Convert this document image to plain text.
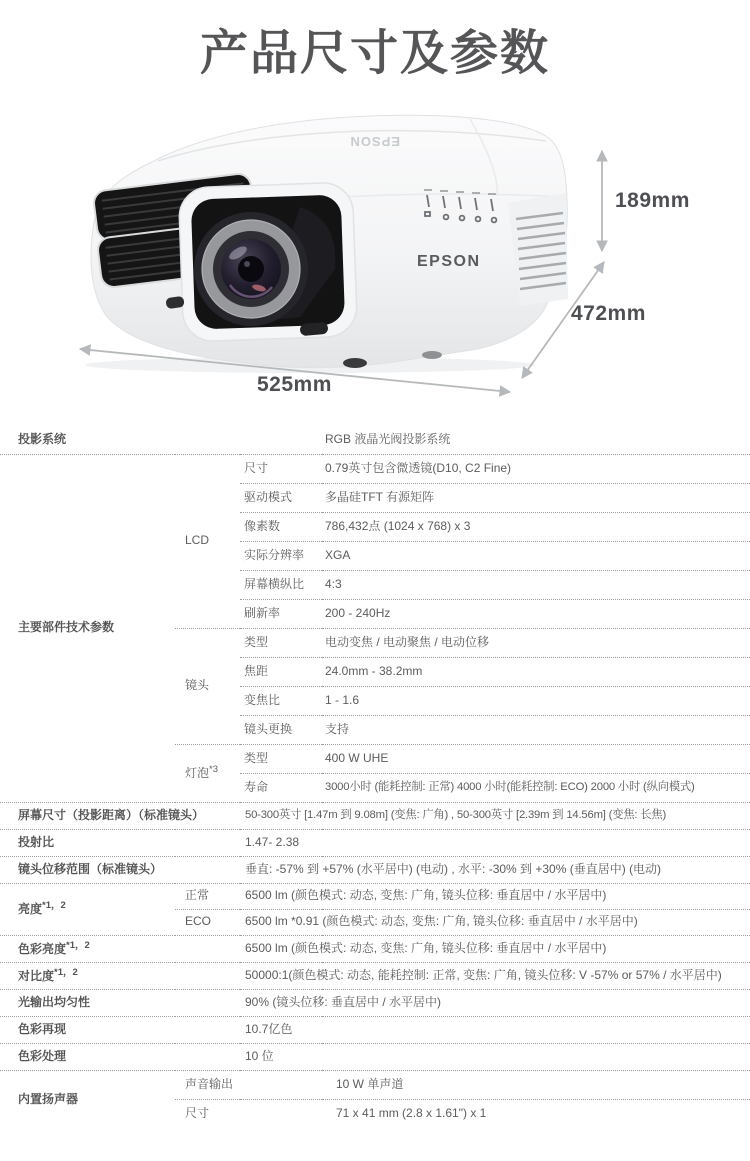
产品尺寸及参数
EPSON
EPSON
189mm
472mm
525mm
投影系统	RGB 液晶光阀投影系统		
主要部件技术参数	LCD	尺寸	0.79英寸包含微透镜(D10, C2 Fine)
		驱动模式	多晶硅TFT 有源矩阵
		像素数	786,432点 (1024 x 768) x 3
		实际分辨率	XGA
		屏幕横纵比	4:3
		刷新率	200 - 240Hz
	镜头	类型	电动变焦 / 电动聚焦 / 电动位移
		焦距	24.0mm - 38.2mm
		变焦比	1 - 1.6
		镜头更换	支持
	灯泡$^{*3}$	类型	400 W UHE
		寿命	3000小时 (能耗控制: 正常) 4000 小时(能耗控制: ECO) 2000 小时 (纵向模式)
屏幕尺寸（投影距离）（标准镜头）	50-300英寸 [1.47m 到 9.08m] (变焦: 广角) , 50-300英寸 [2.39m 到 14.56m] (变焦: 长焦)		
投射比	1.47- 2.38		
镜头位移范围（标准镜头）	垂直: -57% 到 +57% (水平居中) (电动) , 水平: -30% 到 +30% (垂直居中) (电动)		
亮度$^{*1,2}$	正常	6500 lm (颜色模式: 动态, 变焦: 广角, 镜头位移: 垂直居中 / 水平居中)	
	ECO	6500 lm *0.91 (颜色模式: 动态, 变焦: 广角, 镜头位移: 垂直居中 / 水平居中)	
色彩亮度$^{*1,2}$	6500 lm (颜色模式: 动态, 变焦: 广角, 镜头位移: 垂直居中 / 水平居中)		
对比度$^{*1,2}$	50000:1(颜色模式: 动态, 能耗控制: 正常, 变焦: 广角, 镜头位移: V -57% or 57% / 水平居中)		
光输出均匀性	90% (镜头位移: 垂直居中 / 水平居中)		
色彩再现	10.7亿色		
色彩处理	10 位		
内置扬声器	声音输出		10 W 单声道
	尺寸		71 x 41 mm (2.8 x 1.61") x 1
